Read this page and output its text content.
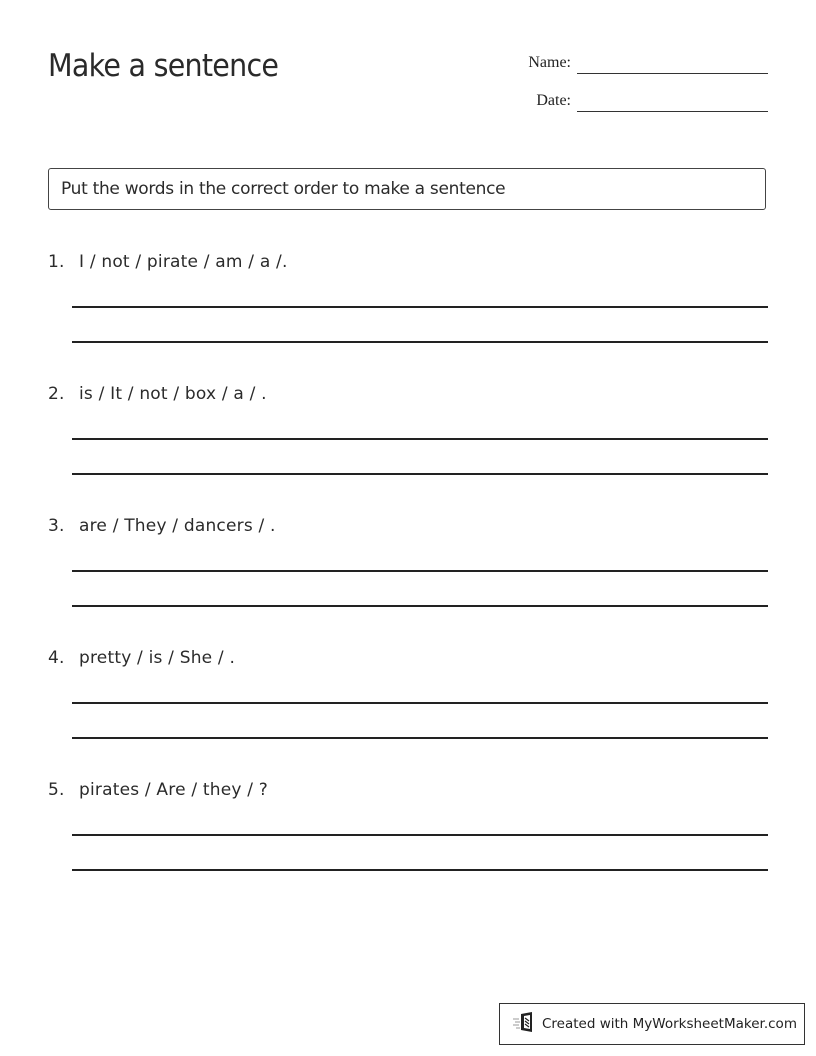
Make a sentence	Name:
Date:
Put the words in the correct order to make a sentence
1. I / not / pirate / am / a /.
2. is / It / not / box / a / .
3. are / They / dancers / .
4. pretty / is / She / .
5. pirates / Are / they / ?
Created with MyWorksheetMaker.com
